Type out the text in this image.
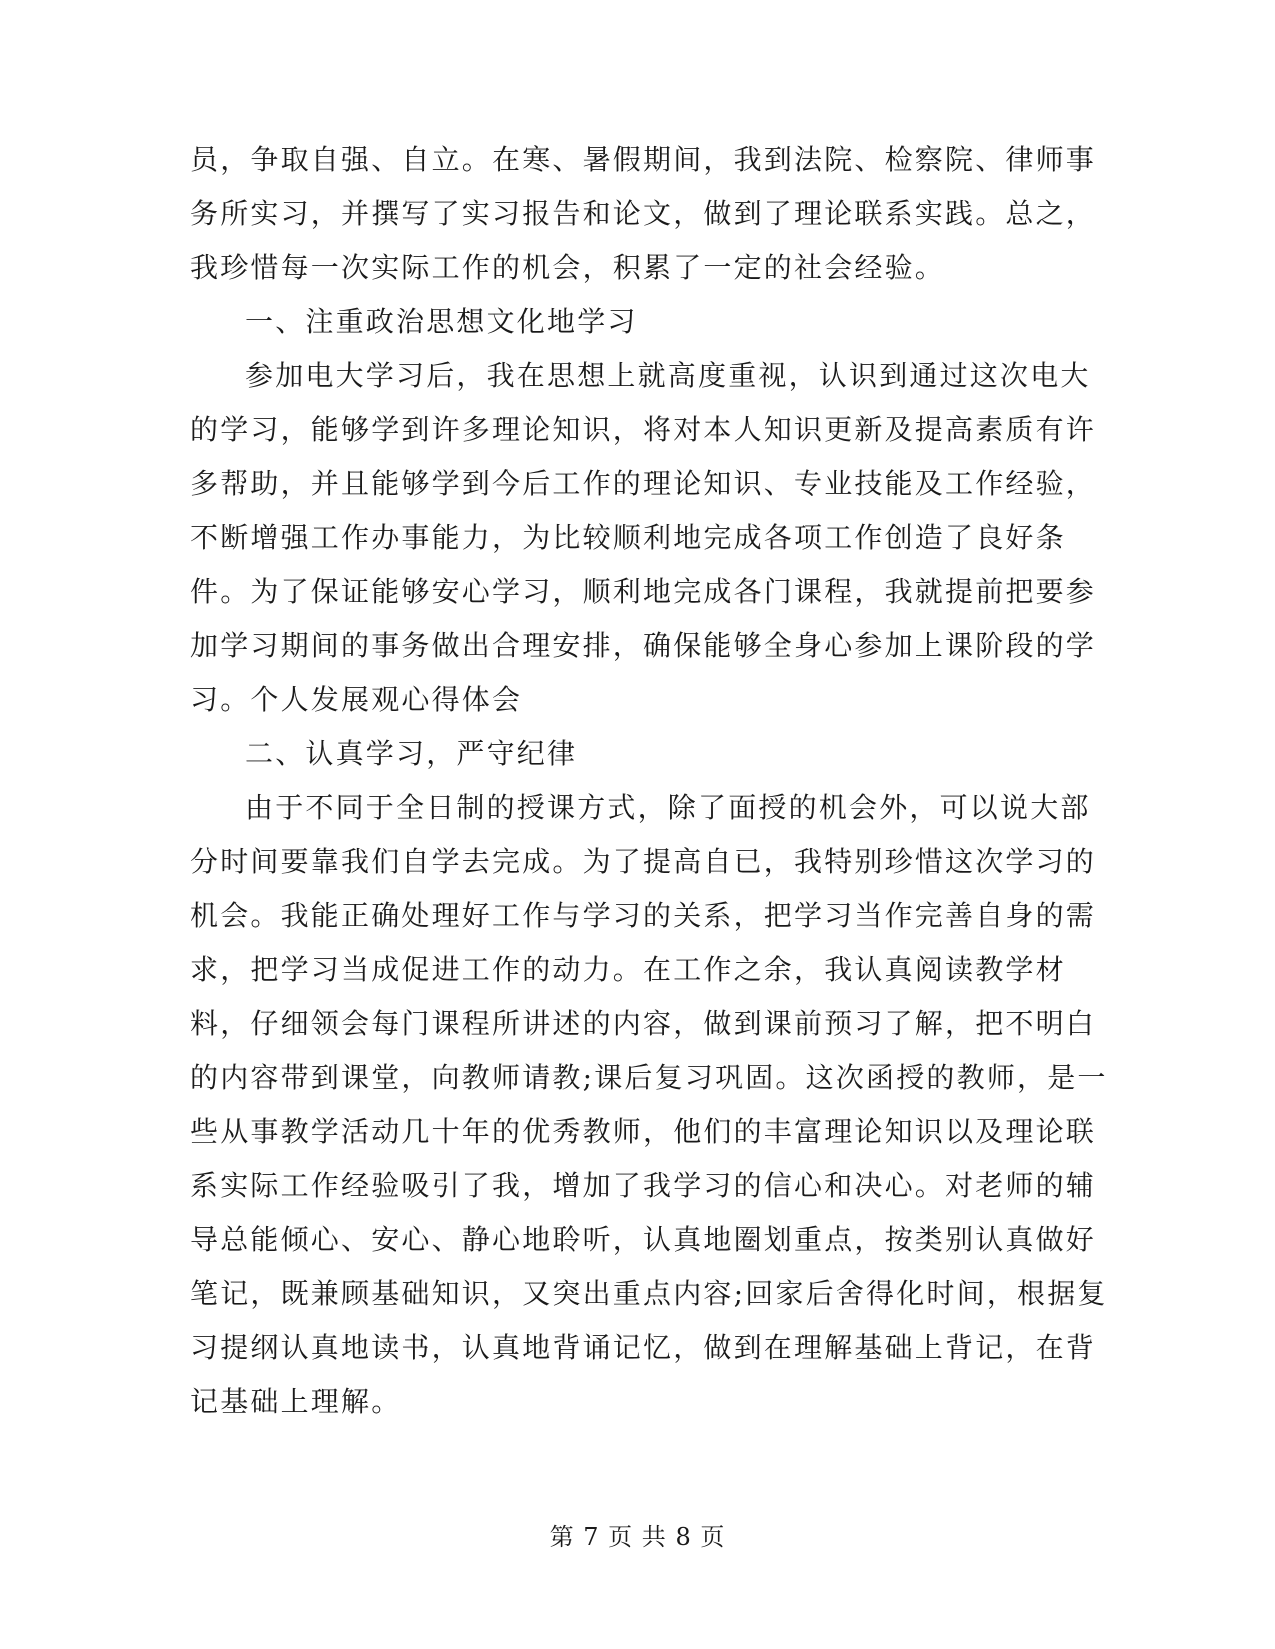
员，争取自强、自立。在寒、暑假期间，我到法院、检察院、律师事
务所实习，并撰写了实习报告和论文，做到了理论联系实践。总之，
我珍惜每一次实际工作的机会，积累了一定的社会经验。
一、注重政治思想文化地学习
参加电大学习后，我在思想上就高度重视，认识到通过这次电大
的学习，能够学到许多理论知识，将对本人知识更新及提高素质有许
多帮助，并且能够学到今后工作的理论知识、专业技能及工作经验，
不断增强工作办事能力，为比较顺利地完成各项工作创造了良好条
件。为了保证能够安心学习，顺利地完成各门课程，我就提前把要参
加学习期间的事务做出合理安排，确保能够全身心参加上课阶段的学
习。个人发展观心得体会
二、认真学习，严守纪律
由于不同于全日制的授课方式，除了面授的机会外，可以说大部
分时间要靠我们自学去完成。为了提高自已，我特别珍惜这次学习的
机会。我能正确处理好工作与学习的关系，把学习当作完善自身的需
求，把学习当成促进工作的动力。在工作之余，我认真阅读教学材
料，仔细领会每门课程所讲述的内容，做到课前预习了解，把不明白
的内容带到课堂，向教师请教;课后复习巩固。这次函授的教师，是一
些从事教学活动几十年的优秀教师，他们的丰富理论知识以及理论联
系实际工作经验吸引了我，增加了我学习的信心和决心。对老师的辅
导总能倾心、安心、静心地聆听，认真地圈划重点，按类别认真做好
笔记，既兼顾基础知识，又突出重点内容;回家后舍得化时间，根据复
习提纲认真地读书，认真地背诵记忆，做到在理解基础上背记，在背
记基础上理解。
第 7 页 共 8 页
